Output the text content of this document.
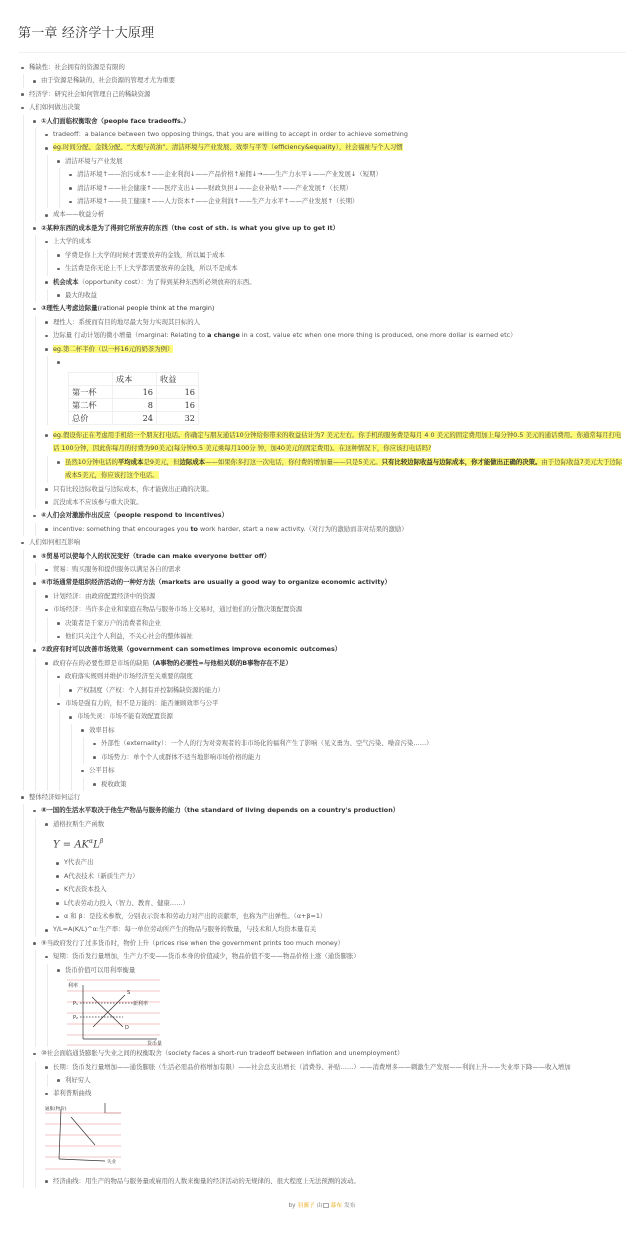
第一章 经济学十大原理
稀缺性：社会拥有的资源是有限的
由于资源是稀缺的，社会资源的管理才尤为重要
经济学：研究社会如何管理自己的稀缺资源
人们如何做出决策
①人们面临权衡取舍（people face tradeoffs.）
tradeoff：a balance between two opposing things, that you are willing to accept in order to achieve something
eg.时间分配、金钱分配、“大炮与黄油”、清洁环境与产业发展、效率与平等（efficiency&equality）、社会福祉与个人习惯
清洁环境与产业发展
清洁环境↑——治污成本↑——企业利润↓——产品价格↑雇佣↓→——生产力水平↓——产业发展↓（短期）
清洁环境↑——社会健康↑——医疗支出↓——财政负担↓——企业补贴↑——产业发展↑（长期）
清洁环境↑——员工健康↑——人力资本↑——企业利润↑——生产力水平↑——产业发展↑（长期）
成本——收益分析
②某种东西的成本是为了得到它所放弃的东西（the cost of sth. is what you give up to get it）
上大学的成本
学费是你上大学的时候才需要放弃的金钱，所以属于成本
生活费是你无论上不上大学都需要放弃的金钱，所以不是成本
机会成本（opportunity cost）：为了得到某种东西所必须放弃的东西。
最大的收益
③理性人考虑边际量(rational people think at the margin)
理性人：系统而有目的地尽最大努力实现其目标的人
边际量 行动计划的微小增量（marginal: Relating to a change in a cost, value etc when one more thing is produced, one more dollar is earned etc）
eg.第二杯半价（以一杯16元的奶茶为例）
	成本	收益
第一杯	16	16
第二杯	8	16
总价	24	32
eg.假设你正在考虑用手机给一个朋友打电话。你确定与朋友通话10分钟给你带来的收益估计为7 美元左右。你手机的服务费是每月 4 0 美元的固定费用加上每分钟0.5 美元的通话费用。你通常每月打电话 100分钟，因此你每月的付费为90美元(每分钟0.5 美元乘每月100分 钟，加40美元的固定费用)。在这种情况下，你应该打电话吗?
虽然10分钟电话的平均成本是9美元，但边际成本——如果你多打这一次电话，你付费的增加量——只是5美元。只有比较边际收益与边际成本，你才能做出正确的决策。由于边际收益7美元大于边际成本5美元，你应该打这个电话。
只有比较边际收益与边际成本，你才能做出正确的决策。
沉没成本不应该参与重大决策。
④人们会对激励作出反应（people respond to incentives）
incentive: something that encourages you to work harder, start a new activity.（对行为的激励而非对结果的激励）
人们如何相互影响
⑤贸易可以使每个人的状况变好（trade can make everyone better off）
贸易：购买服务和提供服务以满足各自的需求
⑥市场通常是组织经济活动的一种好方法（markets are usually a good way to organize economic activity）
计划经济：由政府配置经济中的资源
市场经济：当许多企业和家庭在物品与服务市场上交易时，通过他们的分散决策配置资源
决策者是千家万户的消费者和企业
他们只关注个人利益，不关心社会的整体福祉
⑦政府有时可以改善市场效果（government can sometimes improve economic outcomes）
政府存在的必要性即是市场的缺陷（A事物的必要性=与他相关联的B事物存在不足）
政府落实规则并维护市场经济至关重要的制度
产权制度（产权：个人拥有并控制稀缺资源的能力）
市场是强有力的，但不是万能的：能否兼顾效率与公平
市场失灵：市场不能有效配置资源
效率目标
外部性（externality）：一个人的行为对旁观者的非市场化的福利产生了影响（见义勇为、空气污染、噪音污染……）
市场势力：单个个人或群体不适当地影响市场价格的能力
公平目标
税收政策
整体经济如何运行
⑧一国的生活水平取决于他生产物品与服务的能力（the standard of living depends on a country's production）
道格拉斯生产函数
$Y = AK^\alpha L^\beta$
Y代表产出
A代表技术（新质生产力）
K代表资本投入
L代表劳动力投入（智力、教育、健康……）
α 和 β：是技术参数，分别表示资本和劳动力对产出的贡献率，也称为产出弹性。（α+β=1）
Y/L=A(K/L)^α:生产率：每一单位劳动所产生的物品与服务的数量，与技术和人均资本量有关
⑨当政府发行了过多货币时，物价上升（prices rise when the government prints too much money）
短期：货币发行量增加，生产力不变——货币本身的价值减少，物品价值不变——物品价格上涨（通货膨胀）
货币价值可以用利率衡量
利率
P₁
P₂
S
D
新利率
货币量
⑩社会面临通货膨胀与失业之间的权衡取舍（society faces a short-run tradeoff between inflation and unemployment）
长期：货币发行量增加——通货膨胀（生活必需品价格增加有限）——社会总支出增长（消费券、补贴……）——消费增多——刺激生产发展——利润上升——失业率下降——收入增加
利好穷人
菲利普斯曲线
通胀(物价)
失业
经济曲线：用生产的物品与服务量或雇用的人数来衡量的经济活动的无规律的、很大程度上无法预测的波动。
by 羽翼子 由 幕布 发布
